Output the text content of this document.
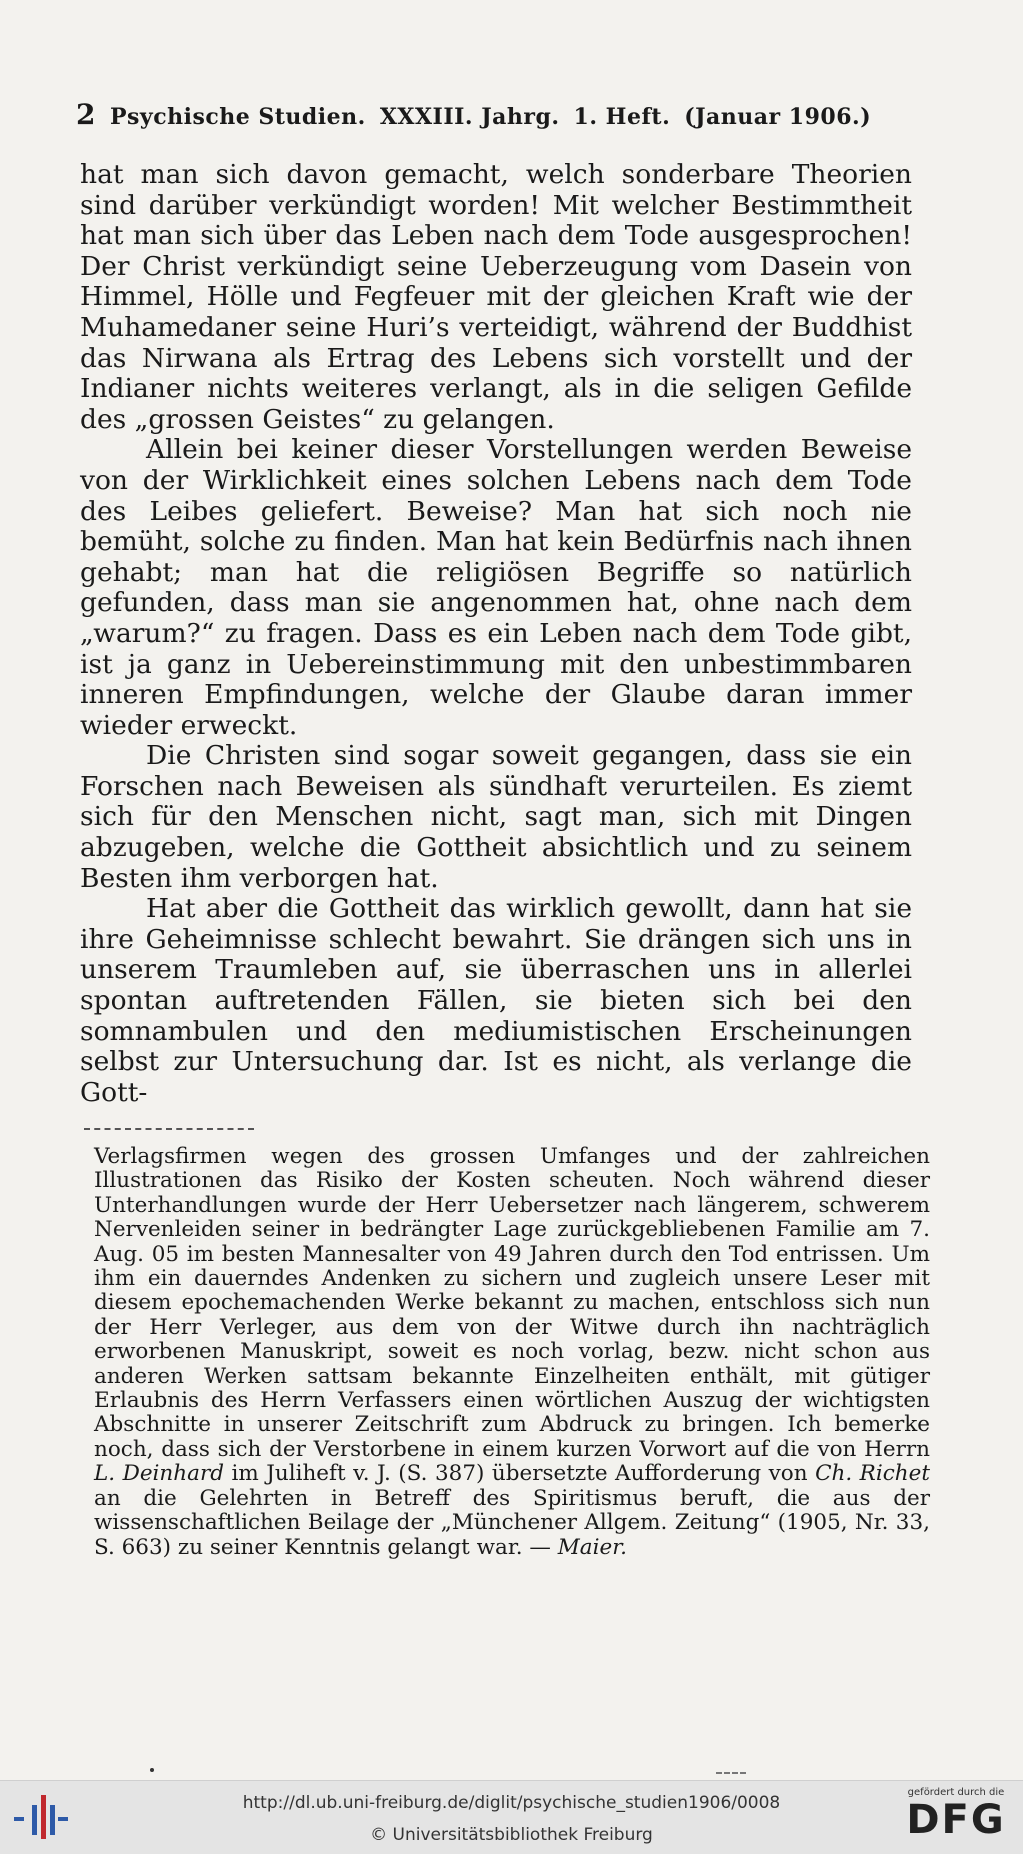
2 Psychische Studien. XXXIII. Jahrg. 1. Heft. (Januar 1906.)

hat man sich davon gemacht, welch sonderbare Theorien sind darüber verkündigt worden! Mit welcher Bestimmtheit hat man sich über das Leben nach dem Tode ausgesprochen! Der Christ verkündigt seine Ueberzeugung vom Dasein von Himmel, Hölle und Fegfeuer mit der gleichen Kraft wie der Muhamedaner seine Huri’s verteidigt, während der Buddhist das Nirwana als Ertrag des Lebens sich vorstellt und der Indianer nichts weiteres verlangt, als in die seligen Gefilde des „grossen Geistes“ zu gelangen.

Allein bei keiner dieser Vorstellungen werden Beweise von der Wirklichkeit eines solchen Lebens nach dem Tode des Leibes geliefert. Beweise? Man hat sich noch nie bemüht, solche zu finden. Man hat kein Bedürfnis nach ihnen gehabt; man hat die religiösen Begriffe so natürlich gefunden, dass man sie angenommen hat, ohne nach dem „warum?“ zu fragen. Dass es ein Leben nach dem Tode gibt, ist ja ganz in Uebereinstimmung mit den unbestimmbaren inneren Empfindungen, welche der Glaube daran immer wieder erweckt.

Die Christen sind sogar soweit gegangen, dass sie ein Forschen nach Beweisen als sündhaft verurteilen. Es ziemt sich für den Menschen nicht, sagt man, sich mit Dingen abzugeben, welche die Gottheit absichtlich und zu seinem Besten ihm verborgen hat.

Hat aber die Gottheit das wirklich gewollt, dann hat sie ihre Geheimnisse schlecht bewahrt. Sie drängen sich uns in unserem Traumleben auf, sie überraschen uns in allerlei spontan auftretenden Fällen, sie bieten sich bei den somnambulen und den mediumistischen Erscheinungen selbst zur Untersuchung dar. Ist es nicht, als verlange die Gott-

Verlagsfirmen wegen des grossen Umfanges und der zahlreichen Illustrationen das Risiko der Kosten scheuten. Noch während dieser Unterhandlungen wurde der Herr Uebersetzer nach längerem, schwerem Nervenleiden seiner in bedrängter Lage zurückgebliebenen Familie am 7. Aug. 05 im besten Mannesalter von 49 Jahren durch den Tod entrissen. Um ihm ein dauerndes Andenken zu sichern und zugleich unsere Leser mit diesem epochemachenden Werke bekannt zu machen, entschloss sich nun der Herr Verleger, aus dem von der Witwe durch ihn nachträglich erworbenen Manuskript, soweit es noch vorlag, bezw. nicht schon aus anderen Werken sattsam bekannte Einzelheiten enthält, mit gütiger Erlaubnis des Herrn Verfassers einen wörtlichen Auszug der wichtigsten Abschnitte in unserer Zeitschrift zum Abdruck zu bringen. Ich bemerke noch, dass sich der Verstorbene in einem kurzen Vorwort auf die von Herrn L. Deinhard im Juliheft v. J. (S. 387) übersetzte Aufforderung von Ch. Richet an die Gelehrten in Betreff des Spiritismus beruft, die aus der wissenschaftlichen Beilage der „Münchener Allgem. Zeitung“ (1905, Nr. 33, S. 663) zu seiner Kenntnis gelangt war. — Maier.

http://dl.ub.uni-freiburg.de/diglit/psychische_studien1906/0008
© Universitätsbibliothek Freiburg
gefördert durch die
DFG
